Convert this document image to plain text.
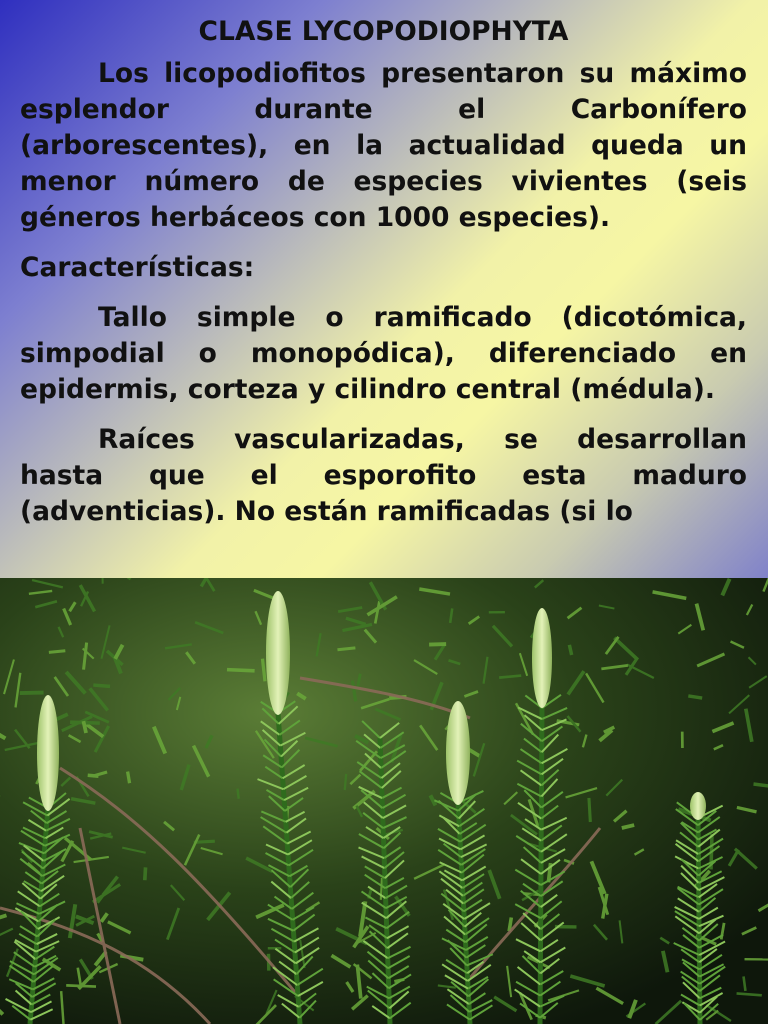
CLASE LYCOPODIOPHYTA

Los licopodiofitos presentaron su máximo esplendor durante el Carbonífero (arborescentes), en la actualidad queda un menor número de especies vivientes (seis géneros herbáceos con 1000 especies).

Características:

Tallo simple o ramificado (dicotómica, simpodial o monopódica), diferenciado en epidermis, corteza y cilindro central (médula).

Raíces vascularizadas, se desarrollan hasta que el esporofito esta maduro (adventicias). No están ramificadas (si lo
